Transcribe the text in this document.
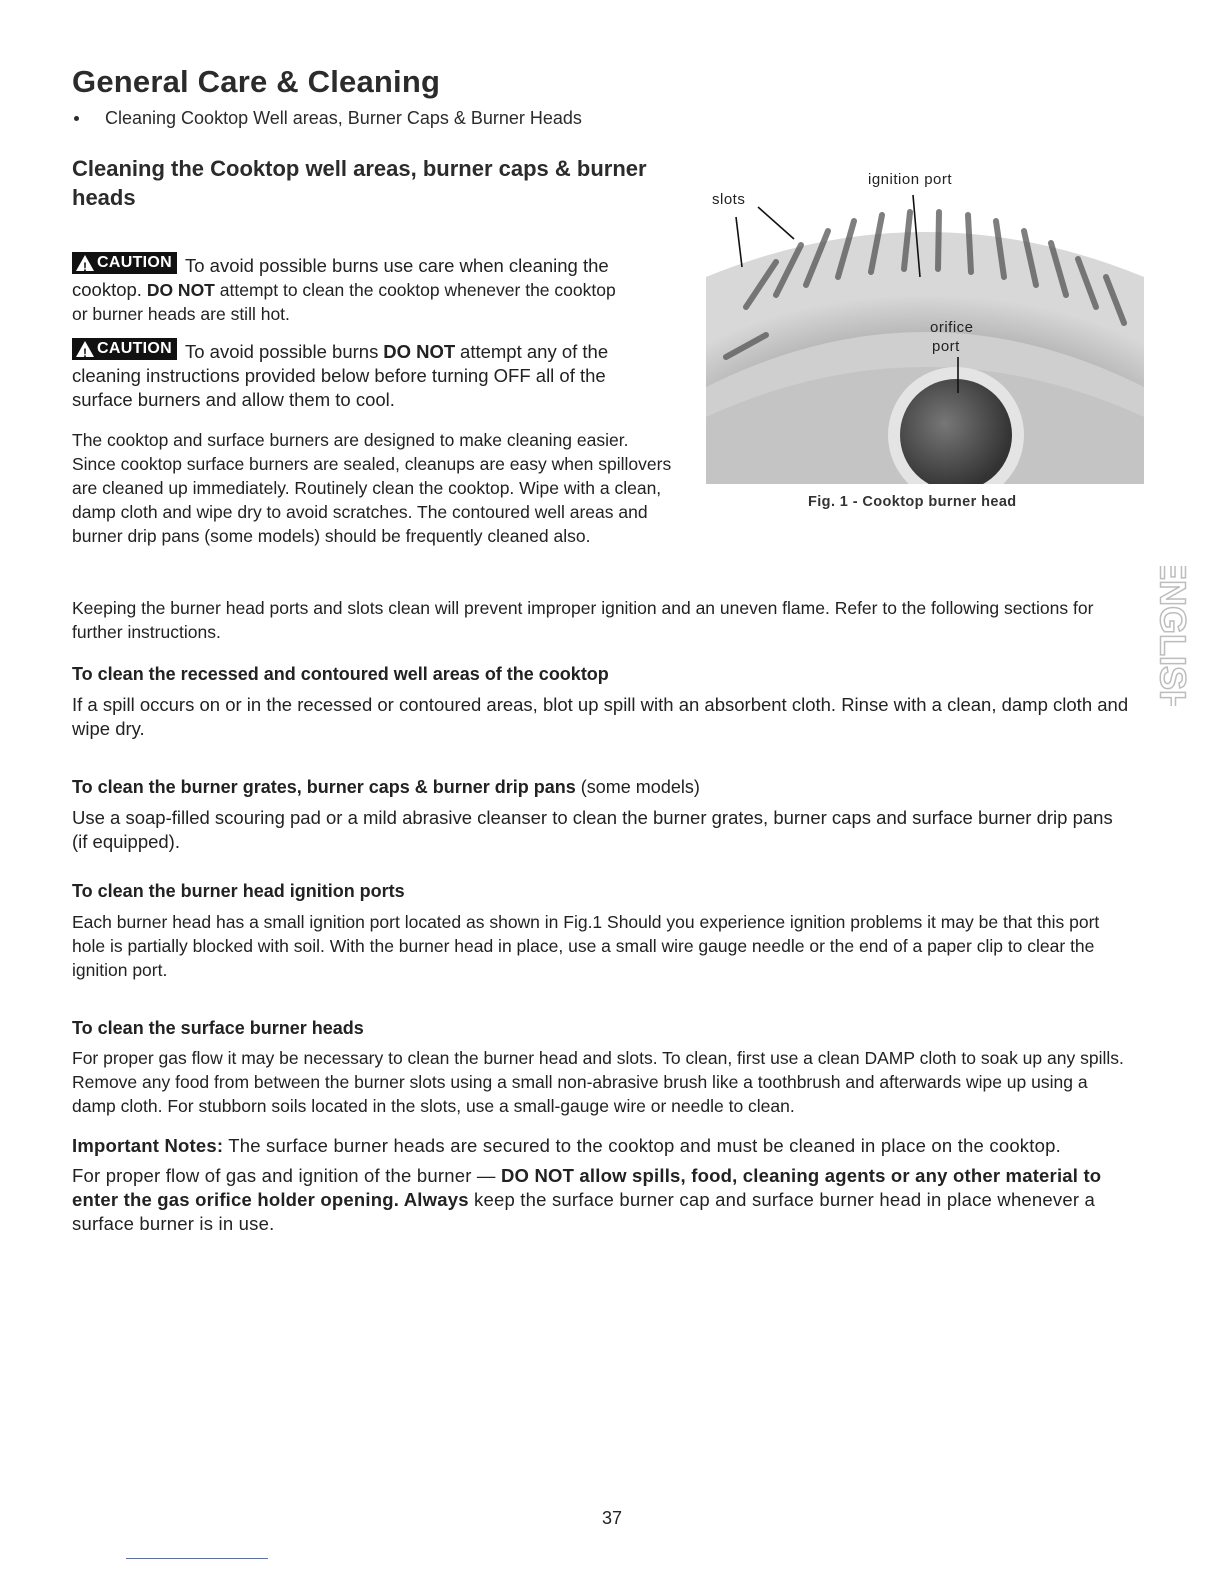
General Care & Cleaning
Cleaning Cooktop Well areas, Burner Caps & Burner Heads
Cleaning the Cooktop well areas, burner caps & burner heads

!
CAUTION To avoid possible burns use care when cleaning the cooktop. DO NOT attempt to clean the cooktop whenever the cooktop or burner heads are still hot.

!
CAUTION To avoid possible burns DO NOT attempt any of the cleaning instructions provided below before turning OFF all of the surface burners and allow them to cool.

The cooktop and surface burners are designed to make cleaning easier. Since cooktop surface burners are sealed, cleanups are easy when spillovers are cleaned up immediately. Routinely clean the cooktop. Wipe with a clean, damp cloth and wipe dry to avoid scratches. The contoured well areas and burner drip pans (some models) should be frequently cleaned also.

slots
ignition port
orifice
port
Fig. 1 - Cooktop burner head
ENGLISH

Keeping the burner head ports and slots clean will prevent improper ignition and an uneven flame. Refer to the following sections for further instructions.

To clean the recessed and contoured well areas of the cooktop

If a spill occurs on or in the recessed or contoured areas, blot up spill with an absorbent cloth. Rinse with a clean, damp cloth and wipe dry.

To clean the burner grates, burner caps & burner drip pans (some models)

Use a soap-filled scouring pad or a mild abrasive cleanser to clean the burner grates, burner caps and surface burner drip pans (if equipped).

To clean the burner head ignition ports

Each burner head has a small ignition port located as shown in Fig.1 Should you experience ignition problems it may be that this port hole is partially blocked with soil. With the burner head in place, use a small wire gauge needle or the end of a paper clip to clear the ignition port.

To clean the surface burner heads

For proper gas flow it may be necessary to clean the burner head and slots. To clean, first use a clean DAMP cloth to soak up any spills. Remove any food from between the burner slots using a small non-abrasive brush like a toothbrush and afterwards wipe up using a damp cloth. For stubborn soils located in the slots, use a small-gauge wire or needle to clean.

Important Notes: The surface burner heads are secured to the cooktop and must be cleaned in place on the cooktop.

For proper flow of gas and ignition of the burner — DO NOT allow spills, food, cleaning agents or any other material to enter the gas orifice holder opening. Always keep the surface burner cap and surface burner head in place whenever a surface burner is in use.

37
